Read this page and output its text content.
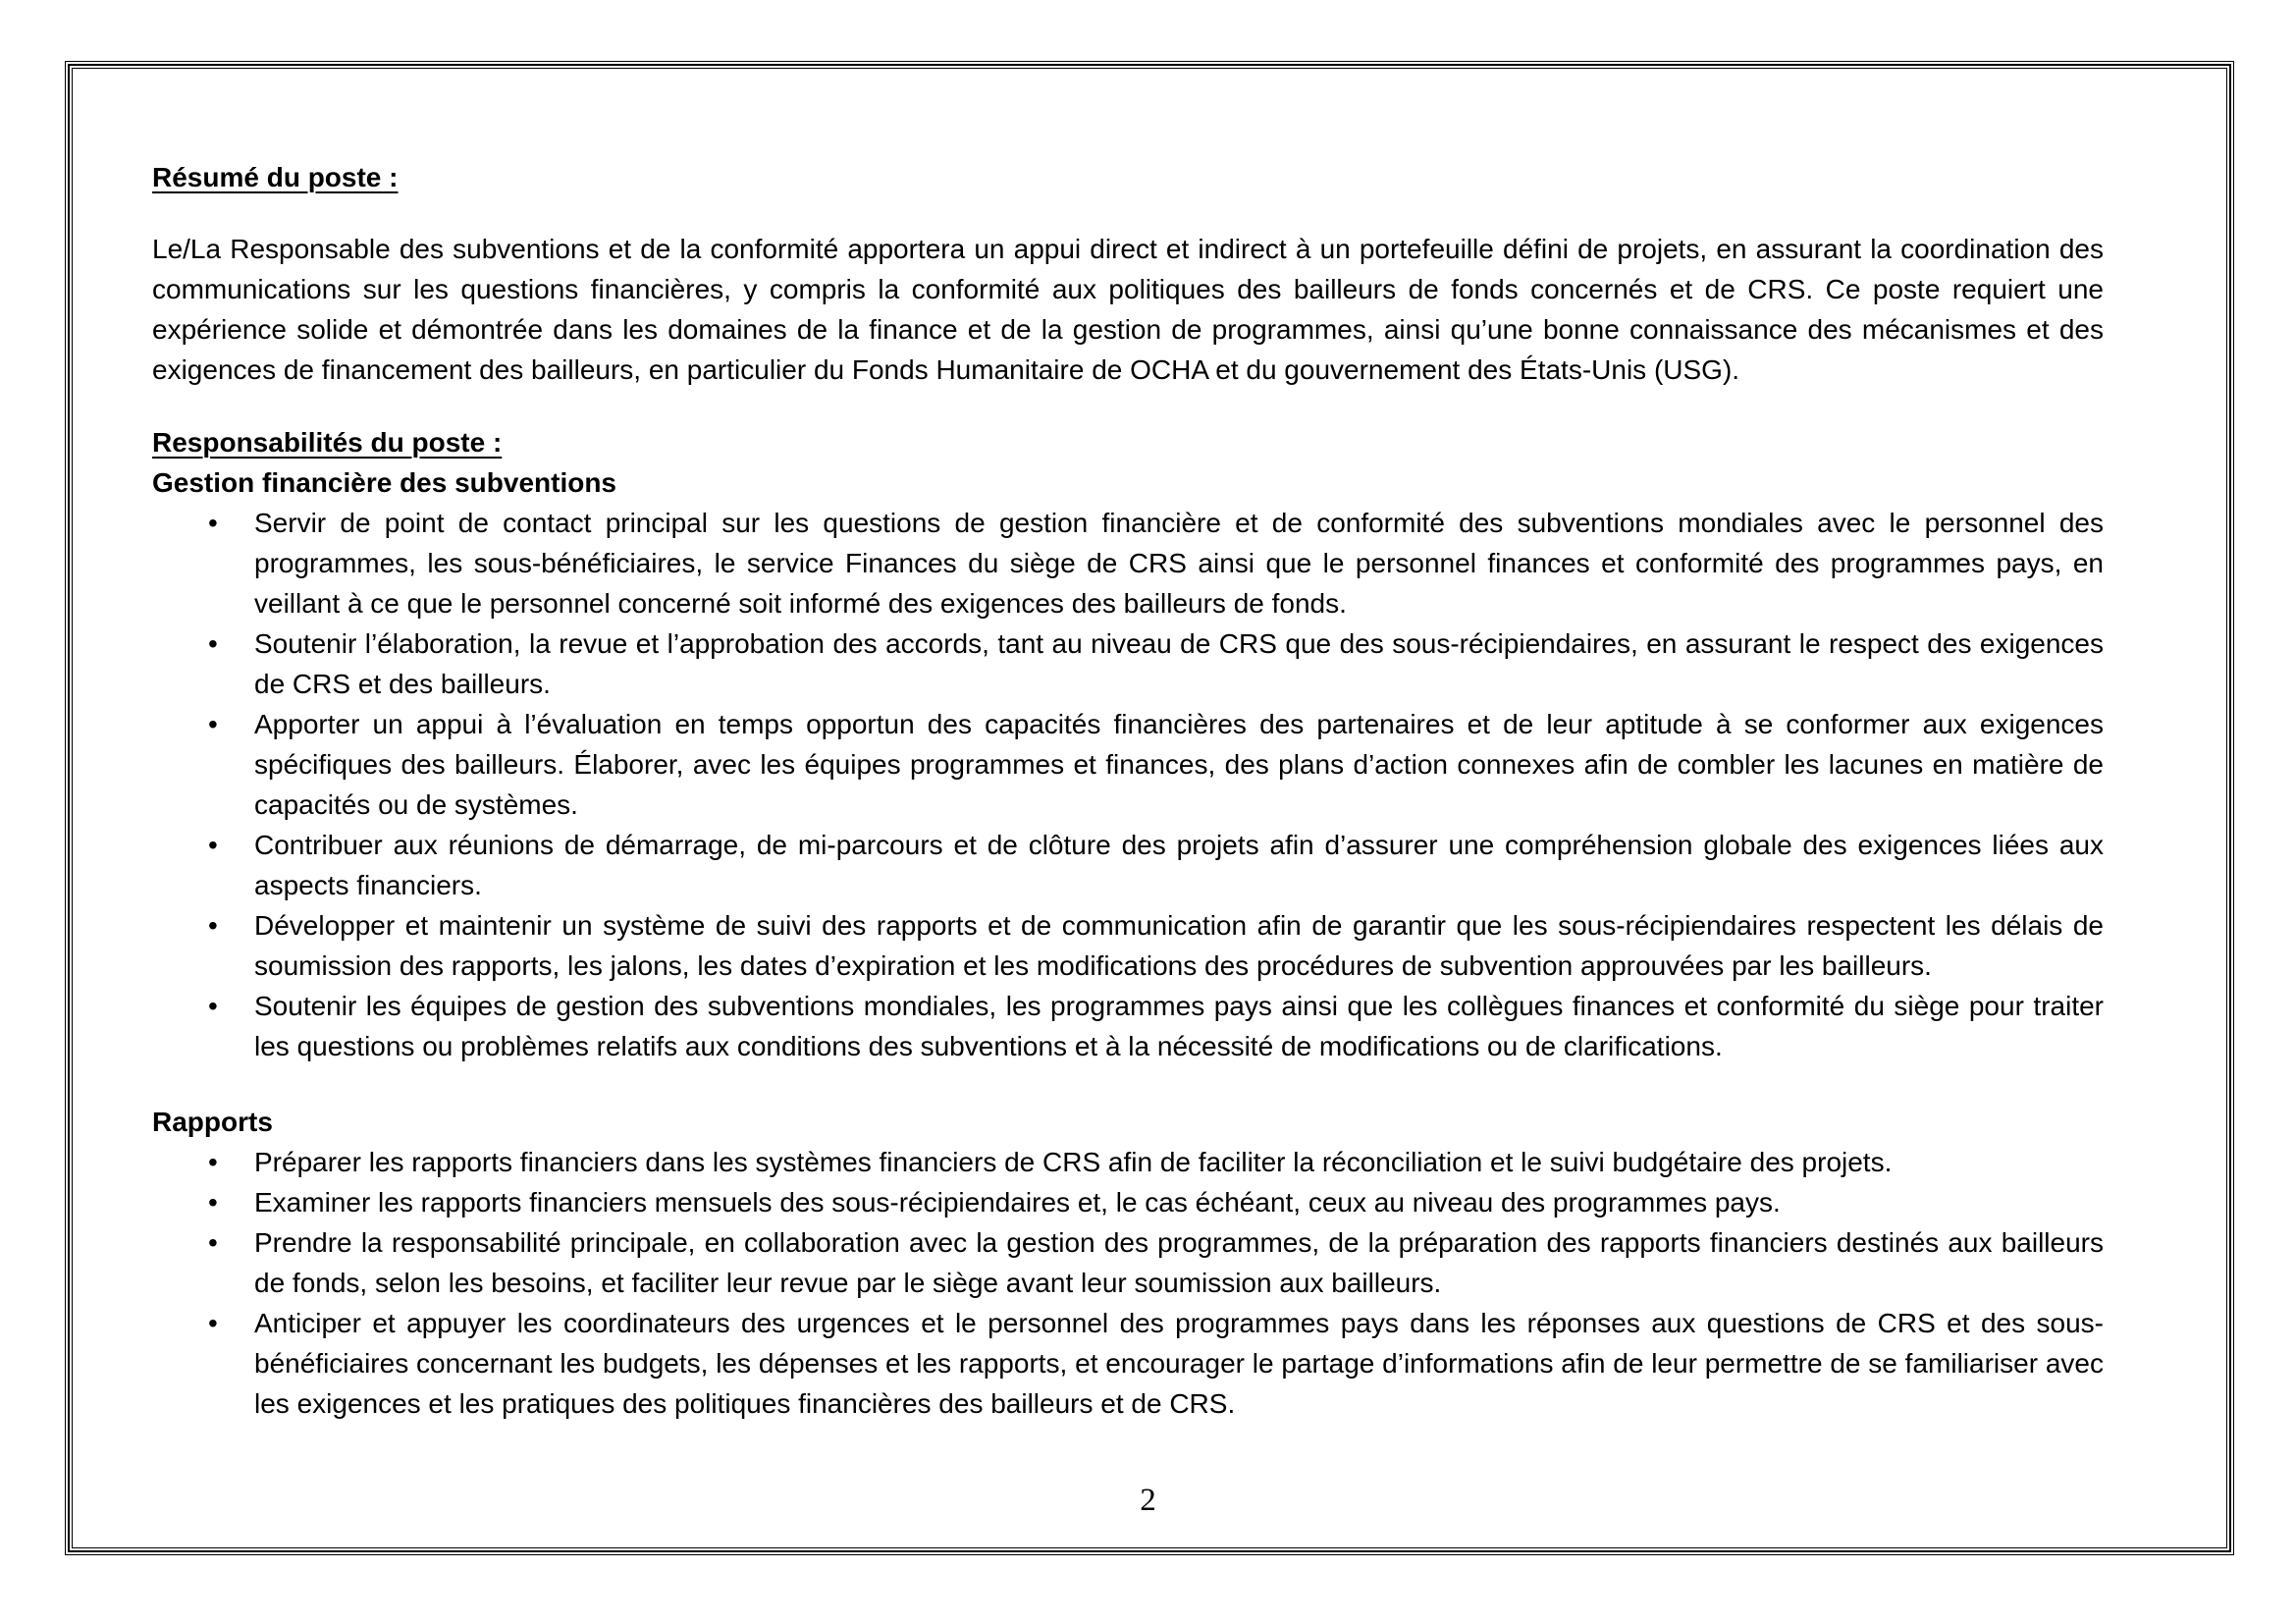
Résumé du poste :

Le/La Responsable des subventions et de la conformité apportera un appui direct et indirect à un portefeuille défini de projets, en assurant la coordination des communications sur les questions financières, y compris la conformité aux politiques des bailleurs de fonds concernés et de CRS. Ce poste requiert une expérience solide et démontrée dans les domaines de la finance et de la gestion de programmes, ainsi qu’une bonne connaissance des mécanismes et des exigences de financement des bailleurs, en particulier du Fonds Humanitaire de OCHA et du gouvernement des États-Unis (USG).

Responsabilités du poste :

Gestion financière des subventions

• Servir de point de contact principal sur les questions de gestion financière et de conformité des subventions mondiales avec le personnel des programmes, les sous-bénéficiaires, le service Finances du siège de CRS ainsi que le personnel finances et conformité des programmes pays, en veillant à ce que le personnel concerné soit informé des exigences des bailleurs de fonds.
• Soutenir l’élaboration, la revue et l’approbation des accords, tant au niveau de CRS que des sous-récipiendaires, en assurant le respect des exigences de CRS et des bailleurs.
• Apporter un appui à l’évaluation en temps opportun des capacités financières des partenaires et de leur aptitude à se conformer aux exigences spécifiques des bailleurs. Élaborer, avec les équipes programmes et finances, des plans d’action connexes afin de combler les lacunes en matière de capacités ou de systèmes.
• Contribuer aux réunions de démarrage, de mi-parcours et de clôture des projets afin d’assurer une compréhension globale des exigences liées aux aspects financiers.
• Développer et maintenir un système de suivi des rapports et de communication afin de garantir que les sous-récipiendaires respectent les délais de soumission des rapports, les jalons, les dates d’expiration et les modifications des procédures de subvention approuvées par les bailleurs.
• Soutenir les équipes de gestion des subventions mondiales, les programmes pays ainsi que les collègues finances et conformité du siège pour traiter les questions ou problèmes relatifs aux conditions des subventions et à la nécessité de modifications ou de clarifications.

Rapports

• Préparer les rapports financiers dans les systèmes financiers de CRS afin de faciliter la réconciliation et le suivi budgétaire des projets.
• Examiner les rapports financiers mensuels des sous-récipiendaires et, le cas échéant, ceux au niveau des programmes pays.
• Prendre la responsabilité principale, en collaboration avec la gestion des programmes, de la préparation des rapports financiers destinés aux bailleurs de fonds, selon les besoins, et faciliter leur revue par le siège avant leur soumission aux bailleurs.
• Anticiper et appuyer les coordinateurs des urgences et le personnel des programmes pays dans les réponses aux questions de CRS et des sous-bénéficiaires concernant les budgets, les dépenses et les rapports, et encourager le partage d’informations afin de leur permettre de se familiariser avec les exigences et les pratiques des politiques financières des bailleurs et de CRS.
2
